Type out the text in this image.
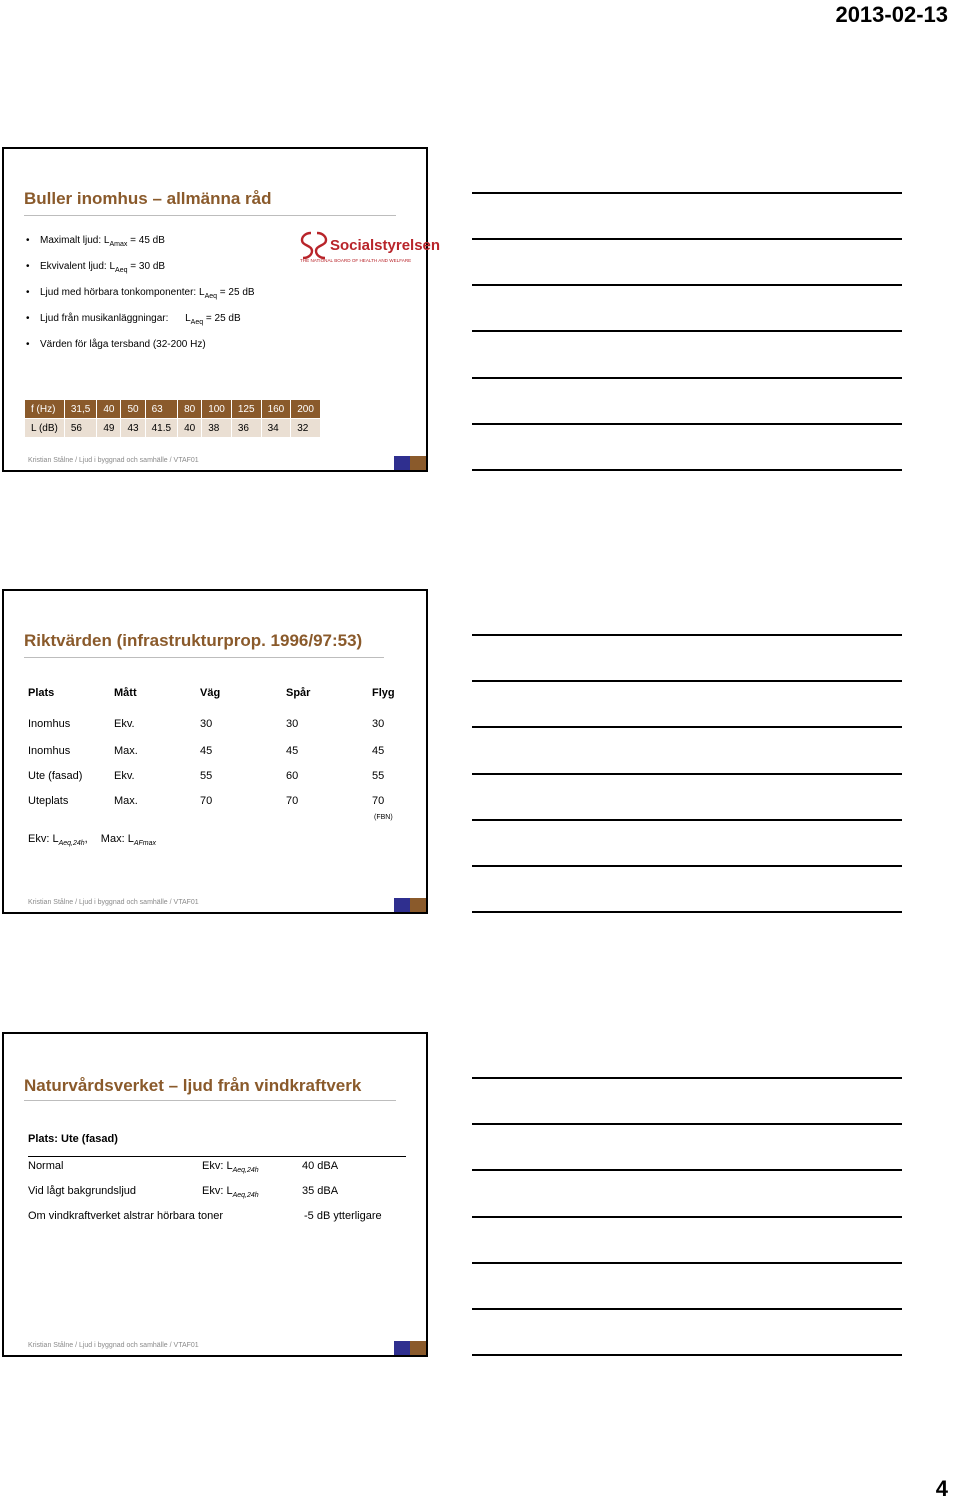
2013-02-13
Buller inomhus – allmänna råd
Socialstyrelsen
THE NATIONAL BOARD OF HEALTH AND WELFARE
• Maximalt ljud: $L_{Amax} = 45$ dB
• Ekvivalent ljud: $L_{Aeq} = 30$ dB
• Ljud med hörbara tonkomponenter: $L_{Aeq} = 25$ dB
• Ljud från musikanläggningar:      $L_{Aeq} = 25$ dB
• Värden för låga tersband (32-200 Hz)
f (Hz)	31,5	40	50	63	80	100	125	160	200
L (dB)	56	49	43	41.5	40	38	36	34	32
Kristian Stålne / Ljud i byggnad och samhälle / VTAF01
Riktvärden (infrastrukturprop. 1996/97:53)
Plats	Mått	Väg	Spår	Flyg
Inomhus	Ekv.	30	30	30
Inomhus	Max.	45	45	45
Ute (fasad)	Ekv.	55	60	55
Uteplats	Max.	70	70	70
(FBN)
Ekv: $L_{Aeq,24h}$, Max: $L_{AFmax}$
Kristian Stålne / Ljud i byggnad och samhälle / VTAF01
Naturvårdsverket – ljud från vindkraftverk
Plats: Ute (fasad)
Normal	Ekv: $L_{Aeq,24h}$	40 dBA
Vid lågt bakgrundsljud	Ekv: $L_{Aeq,24h}$	35 dBA
Om vindkraftverket alstrar hörbara toner	-5 dB ytterligare
Kristian Stålne / Ljud i byggnad och samhälle / VTAF01
4
